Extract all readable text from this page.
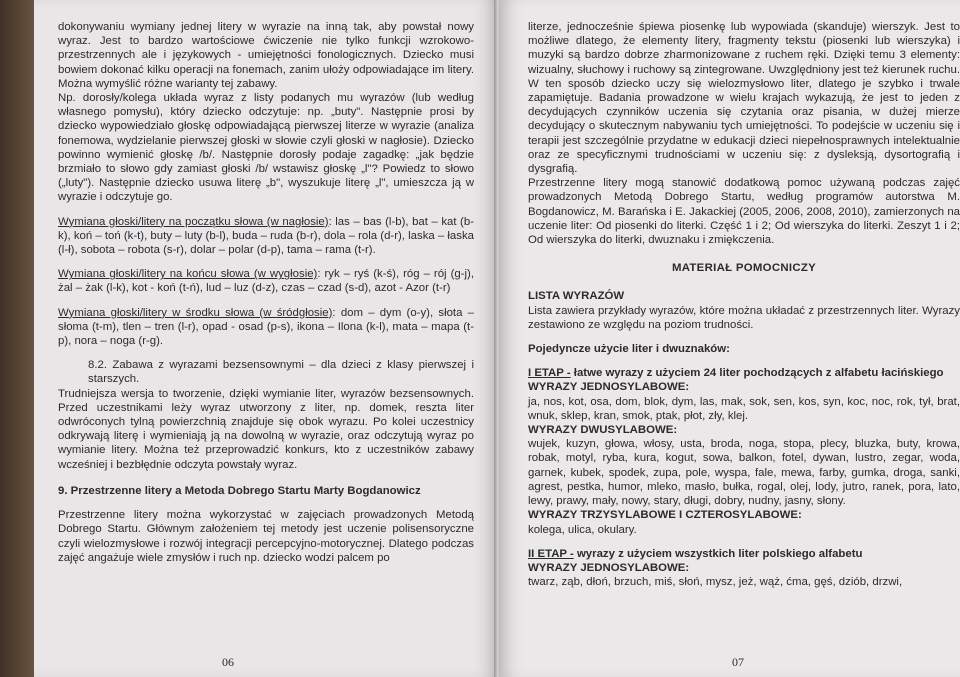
dokonywaniu wymiany jednej litery w wyrazie na inną tak, aby powstał nowy wyraz. Jest to bardzo wartościowe ćwiczenie nie tylko funkcji wzrokowo-przestrzennych ale i językowych - umiejętności fonologicznych. Dziecko musi bowiem dokonać kilku operacji na fonemach, zanim ułoży odpowiadające im litery. Można wymyślić różne warianty tej zabawy.

Np. dorosły/kolega układa wyraz z listy podanych mu wyrazów (lub według własnego pomysłu), który dziecko odczytuje: np. „buty". Następnie prosi by dziecko wypowiedziało głoskę odpowiadającą pierwszej literze w wyrazie (analiza fonemowa, wydzielanie pierwszej głoski w słowie czyli głoski w nagłosie). Dziecko powinno wymienić głoskę /b/. Następnie dorosły podaje zagadkę: „jak będzie brzmiało to słowo gdy zamiast głoski /b/ wstawisz głoskę „l"? Powiedz to słowo („luty"). Następnie dziecko usuwa literę „b", wyszukuje literę „l", umieszcza ją w wyrazie i odczytuje go.

Wymiana głoski/litery na początku słowa (w nagłosie): las – bas (l-b), bat – kat (b-k), koń – toń (k-t), buty – luty (b-l), buda – ruda (b-r), dola – rola (d-r), laska – łaska (l-ł), sobota – robota (s-r), dolar – polar (d-p), tama – rama (t-r).

Wymiana głoski/litery na końcu słowa (w wygłosie): ryk – ryś (k-ś), róg – rój (g-j), żal – żak (l-k), kot - koń (t-ń), lud – luz (d-z), czas – czad (s-d), azot - Azor (t-r)

Wymiana głoski/litery w środku słowa (w śródgłosie): dom – dym (o-y), słota – słoma (t-m), tlen – tren (l-r), opad - osad (p-s), ikona – Ilona (k-l), mata – mapa (t-p), nora – noga (r-g).

8.2. Zabawa z wyrazami bezsensownymi – dla dzieci z klasy pierwszej i starszych.

Trudniejsza wersja to tworzenie, dzięki wymianie liter, wyrazów bezsensownych. Przed uczestnikami leży wyraz utworzony z liter, np. domek, reszta liter odwróconych tylną powierzchnią znajduje się obok wyrazu. Po kolei uczestnicy odkrywają literę i wymieniają ją na dowolną w wyrazie, oraz odczytują wyraz po wymianie litery. Można też przeprowadzić konkurs, kto z uczestników zabawy wcześniej i bezbłędnie odczyta powstały wyraz.

9. Przestrzenne litery a Metoda Dobrego Startu Marty Bogdanowicz

Przestrzenne litery można wykorzystać w zajęciach prowadzonych Metodą Dobrego Startu. Głównym założeniem tej metody jest uczenie polisensoryczne czyli wielozmysłowe i rozwój integracji percepcyjno-motorycznej. Dlatego podczas zajęć angażuje wiele zmysłów i ruch np. dziecko wodzi palcem po

06

literze, jednocześnie śpiewa piosenkę lub wypowiada (skanduje) wierszyk. Jest to możliwe dlatego, że elementy litery, fragmenty tekstu (piosenki lub wierszyka) i muzyki są bardzo dobrze zharmonizowane z ruchem ręki. Dzięki temu 3 elementy: wizualny, słuchowy i ruchowy są zintegrowane. Uwzględniony jest też kierunek ruchu. W ten sposób dziecko uczy się wielozmysłowo liter, dlatego je szybko i trwale zapamiętuje. Badania prowadzone w wielu krajach wykazują, że jest to jeden z decydujących czynników uczenia się czytania oraz pisania, w dużej mierze decydujący o skutecznym nabywaniu tych umiejętności. To podejście w uczeniu się i terapii jest szczególnie przydatne w edukacji dzieci niepełnosprawnych intelektualnie oraz ze specyficznymi trudnościami w uczeniu się: z dysleksją, dysortografią i dysgrafią.

Przestrzenne litery mogą stanowić dodatkową pomoc używaną podczas zajęć prowadzonych Metodą Dobrego Startu, według programów autorstwa M. Bogdanowicz, M. Barańska i E. Jakackiej (2005, 2006, 2008, 2010), zamierzonych na uczenie liter: Od piosenki do literki. Część 1 i 2; Od wierszyka do literki. Zeszyt 1 i 2; Od wierszyka do literki, dwuznaku i zmiękczenia.

MATERIAŁ POMOCNICZY

LISTA WYRAZÓW

Lista zawiera przykłady wyrazów, które można układać z przestrzennych liter. Wyrazy zestawiono ze względu na poziom trudności.

Pojedyncze użycie liter i dwuznaków:

I ETAP - łatwe wyrazy z użyciem 24 liter pochodzących z alfabetu łacińskiego

WYRAZY JEDNOSYLABOWE:

ja, nos, kot, osa, dom, blok, dym, las, mak, sok, sen, kos, syn, koc, noc, rok, tył, brat, wnuk, sklep, kran, smok, ptak, płot, zły, klej.

WYRAZY DWUSYLABOWE:

wujek, kuzyn, głowa, włosy, usta, broda, noga, stopa, plecy, bluzka, buty, krowa, robak, motyl, ryba, kura, kogut, sowa, balkon, fotel, dywan, lustro, zegar, woda, garnek, kubek, spodek, zupa, pole, wyspa, fale, mewa, farby, gumka, droga, sanki, agrest, pestka, humor, mleko, masło, bułka, rogal, olej, lody, jutro, ranek, pora, lato, lewy, prawy, mały, nowy, stary, długi, dobry, nudny, jasny, słony.

WYRAZY TRZYSYLABOWE I CZTEROSYLABOWE:

kolega, ulica, okulary.

II ETAP - wyrazy z użyciem wszystkich liter polskiego alfabetu

WYRAZY JEDNOSYLABOWE:

twarz, ząb, dłoń, brzuch, miś, słoń, mysz, jeż, wąż, ćma, gęś, dziób, drzwi,

07
